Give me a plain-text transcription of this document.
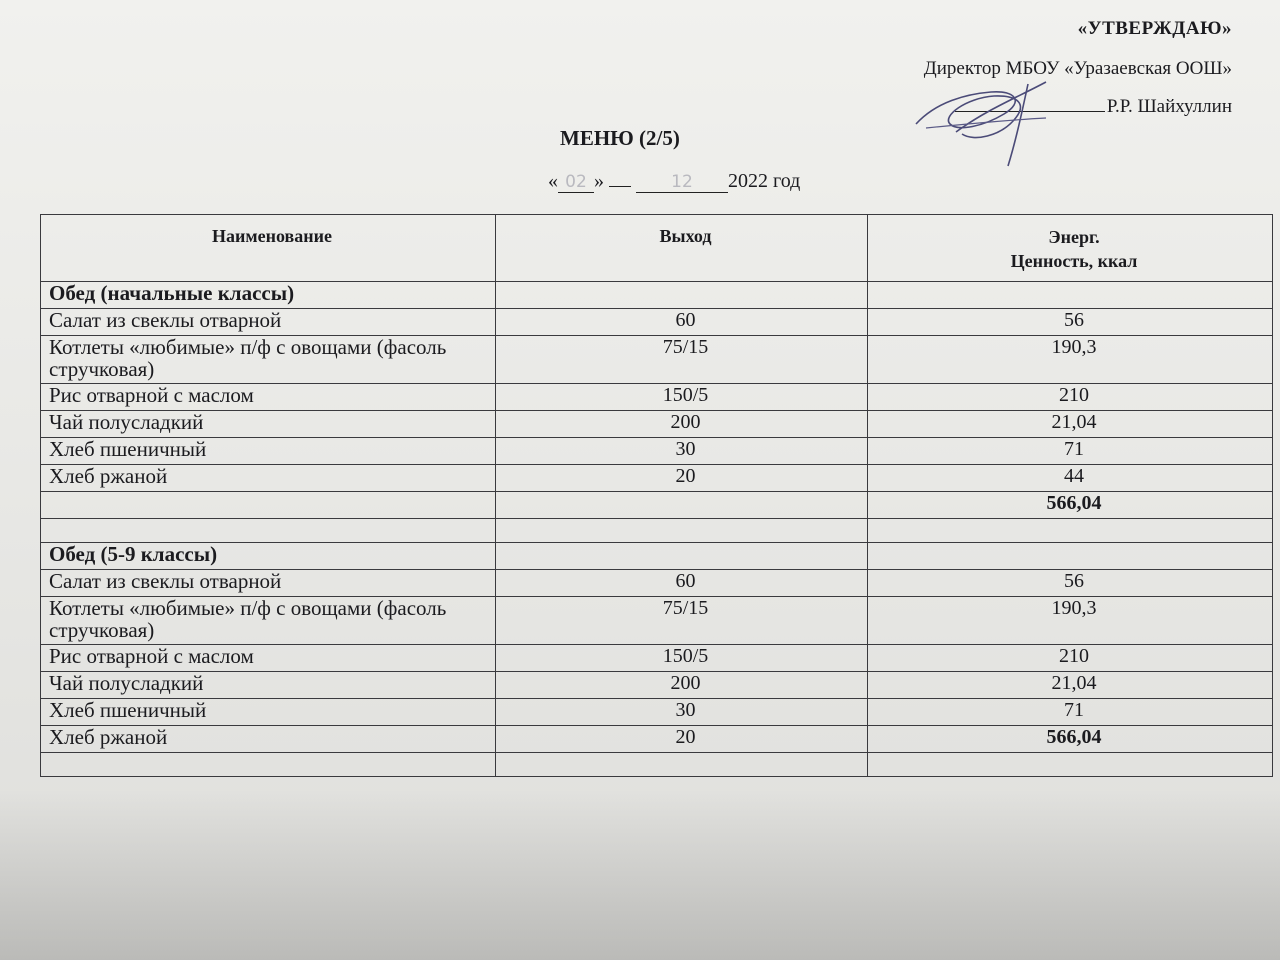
«УТВЕРЖДАЮ»
Директор МБОУ «Уразаевская ООШ»
Р.Р. Шайхуллин
МЕНЮ (2/5)
« 02 »	12 2022 год
Наименование	Выход	Энерг.
Ценность, ккал
Обед (начальные классы)		
Салат из свеклы отварной	60	56
Котлеты «любимые» п/ф с овощами (фасоль стручковая)	75/15	190,3
Рис отварной с маслом	150/5	210
Чай полусладкий	200	21,04
Хлеб пшеничный	30	71
Хлеб ржаной	20	44
		566,04

Обед (5-9 классы)		
Салат из свеклы отварной	60	56
Котлеты «любимые» п/ф с овощами (фасоль стручковая)	75/15	190,3
Рис отварной с маслом	150/5	210
Чай полусладкий	200	21,04
Хлеб пшеничный	30	71
Хлеб ржаной	20	566,04
